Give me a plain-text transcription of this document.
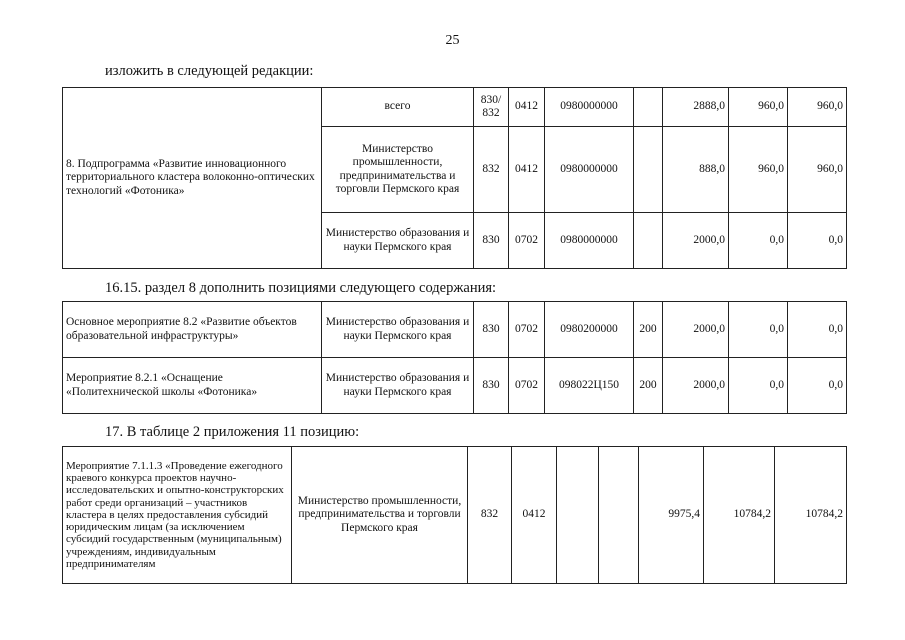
25
изложить в следующей редакции:
8. Подпрограмма «Развитие инновационного территориального кластера волоконно-оптических технологий «Фотоника»	всего	830/ 832	0412	0980000000		2888,0	960,0	960,0
	Министерство промышленности, предпринимательства и торговли Пермского края	832	0412	0980000000		888,0	960,0	960,0
	Министерство образования и науки Пермского края	830	0702	0980000000		2000,0	0,0	0,0
16.15. раздел 8 дополнить позициями следующего содержания:
Основное мероприятие 8.2 «Развитие объектов образовательной инфраструктуры»	Министерство образования и науки Пермского края	830	0702	0980200000	200	2000,0	0,0	0,0
Мероприятие 8.2.1 «Оснащение «Политехнической школы «Фотоника»	Министерство образования и науки Пермского края	830	0702	098022Ц150	200	2000,0	0,0	0,0
17. В таблице 2 приложения 11 позицию:
Мероприятие 7.1.1.3 «Проведение ежегодного краевого конкурса проектов научно-исследовательских и опытно-конструкторских работ среди организаций – участников кластера в целях предоставления субсидий юридическим лицам (за исключением субсидий государственным (муниципальным) учреждениям, индивидуальным предпринимателям	Министерство промышленности, предпринимательства и торговли Пермского края	832	0412			9975,4	10784,2	10784,2
